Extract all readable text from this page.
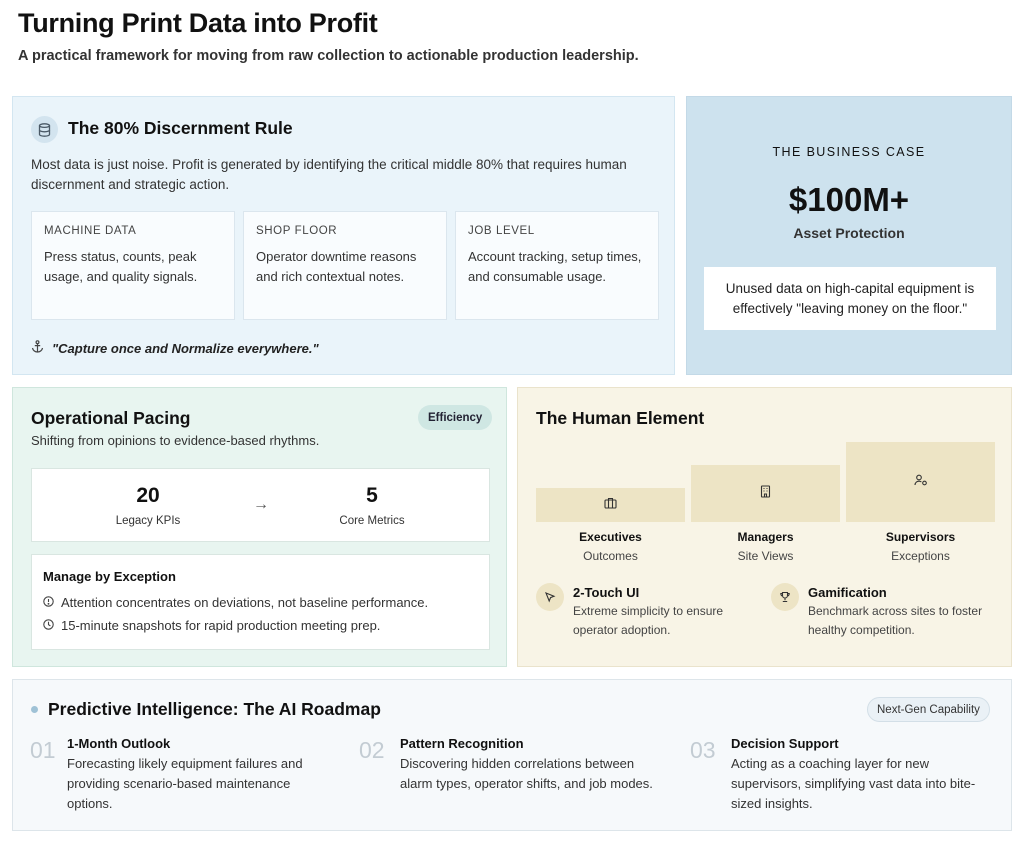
Turning Print Data into Profit
A practical framework for moving from raw collection to actionable production leadership.
The 80% Discernment Rule
Most data is just noise. Profit is generated by identifying the critical middle 80% that requires human discernment and strategic action.
MACHINE DATA
Press status, counts, peak usage, and quality signals.
SHOP FLOOR
Operator downtime reasons and rich contextual notes.
JOB LEVEL
Account tracking, setup times, and consumable usage.
"Capture once and Normalize everywhere."
THE BUSINESS CASE
$100M+
Asset Protection
Unused data on high-capital equipment is effectively "leaving money on the floor."
Operational Pacing	Efficiency
Shifting from opinions to evidence-based rhythms.
20
Legacy KPIs
→	5
Core Metrics
Manage by Exception
Attention concentrates on deviations, not baseline performance.
15-minute snapshots for rapid production meeting prep.
The Human Element
Executives
Outcomes
Managers
Site Views
Supervisors
Exceptions
2-Touch UI
Extreme simplicity to ensure operator adoption.
Gamification
Benchmark across sites to foster healthy competition.
Predictive Intelligence: The AI Roadmap	Next-Gen Capability
01 1-Month Outlook
Forecasting likely equipment failures and providing scenario-based maintenance options.
02 Pattern Recognition
Discovering hidden correlations between alarm types, operator shifts, and job modes.
03 Decision Support
Acting as a coaching layer for new supervisors, simplifying vast data into bite-sized insights.
